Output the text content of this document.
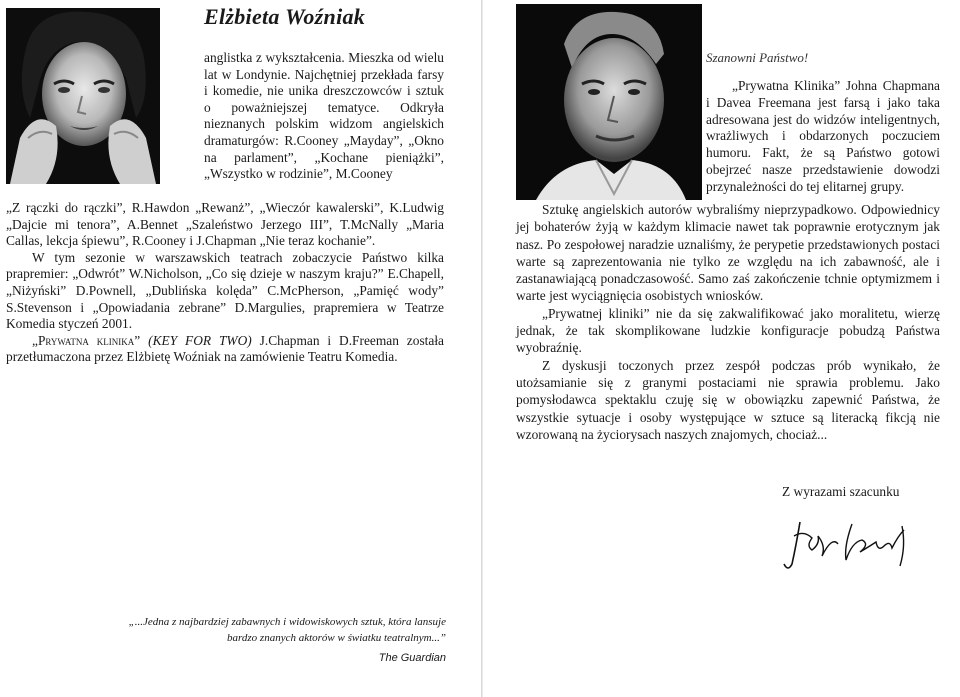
Elżbieta Woźniak

anglistka z wykształcenia. Mieszka od wielu lat w Londynie. Najchętniej przekłada farsy i komedie, nie unika dreszczowców i sztuk o poważniejszej tematyce. Odkryła nieznanych polskim widzom angielskich dramaturgów: R.Cooney „Mayday”, „Okno na parlament”, „Kochane pieniążki”, „Wszystko w rodzinie”, M.Cooney

„Z rączki do rączki”, R.Hawdon „Rewanż”, „Wieczór kawalerski”, K.Ludwig „Dajcie mi tenora”, A.Bennet „Szaleństwo Jerzego III”, T.McNally „Maria Callas, lekcja śpiewu”, R.Cooney i J.Chapman „Nie teraz kochanie”.

W tym sezonie w warszawskich teatrach zobaczycie Państwo kilka prapremier: „Odwrót” W.Nicholson, „Co się dzieje w naszym kraju?” E.Chapell, „Niżyński” D.Pownell, „Dublińska kolęda” C.McPherson, „Pamięć wody” S.Stevenson i „Opowiadania zebrane” D.Margulies, prapremiera w Teatrze Komedia styczeń 2001.

„Prywatna klinika” (KEY FOR TWO) J.Chapman i D.Freeman została przetłumaczona przez Elżbietę Woźniak na zamówienie Teatru Komedia.

„...Jedna z najbardziej zabawnych i widowiskowych sztuk, która lansuje bardzo znanych aktorów w światku teatralnym...”
The Guardian

Szanowni Państwo!

„Prywatna Klinika” Johna Chapmana i Davea Freemana jest farsą i jako taka adresowana jest do widzów inteligentnych, wrażliwych i obdarzonych poczuciem humoru. Fakt, że są Państwo gotowi obejrzeć nasze przedstawienie dowodzi przynależności do tej elitarnej grupy.

Sztukę angielskich autorów wybraliśmy nieprzypadkowo. Odpowiednicy jej bohaterów żyją w każdym klimacie nawet tak poprawnie erotycznym jak nasz. Po zespołowej naradzie uznaliśmy, że perypetie przedstawionych postaci warte są zaprezentowania nie tylko ze względu na ich zabawność, ale i zastanawiającą ponadczasowość. Samo zaś zakończenie tchnie optymizmem i warte jest wyciągnięcia osobistych wniosków.

„Prywatnej kliniki” nie da się zakwalifikować jako moralitetu, wierzę jednak, że tak skomplikowane ludzkie konfiguracje pobudzą Państwa wyobraźnię.

Z dyskusji toczonych przez zespół podczas prób wynikało, że utożsamianie się z granymi postaciami nie sprawia problemu. Jako pomysłodawca spektaklu czuję się w obowiązku zapewnić Państwa, że wszystkie sytuacje i osoby występujące w sztuce są literacką fikcją nie wzorowaną na życiorysach naszych znajomych, chociaż...

Z wyrazami szacunku
